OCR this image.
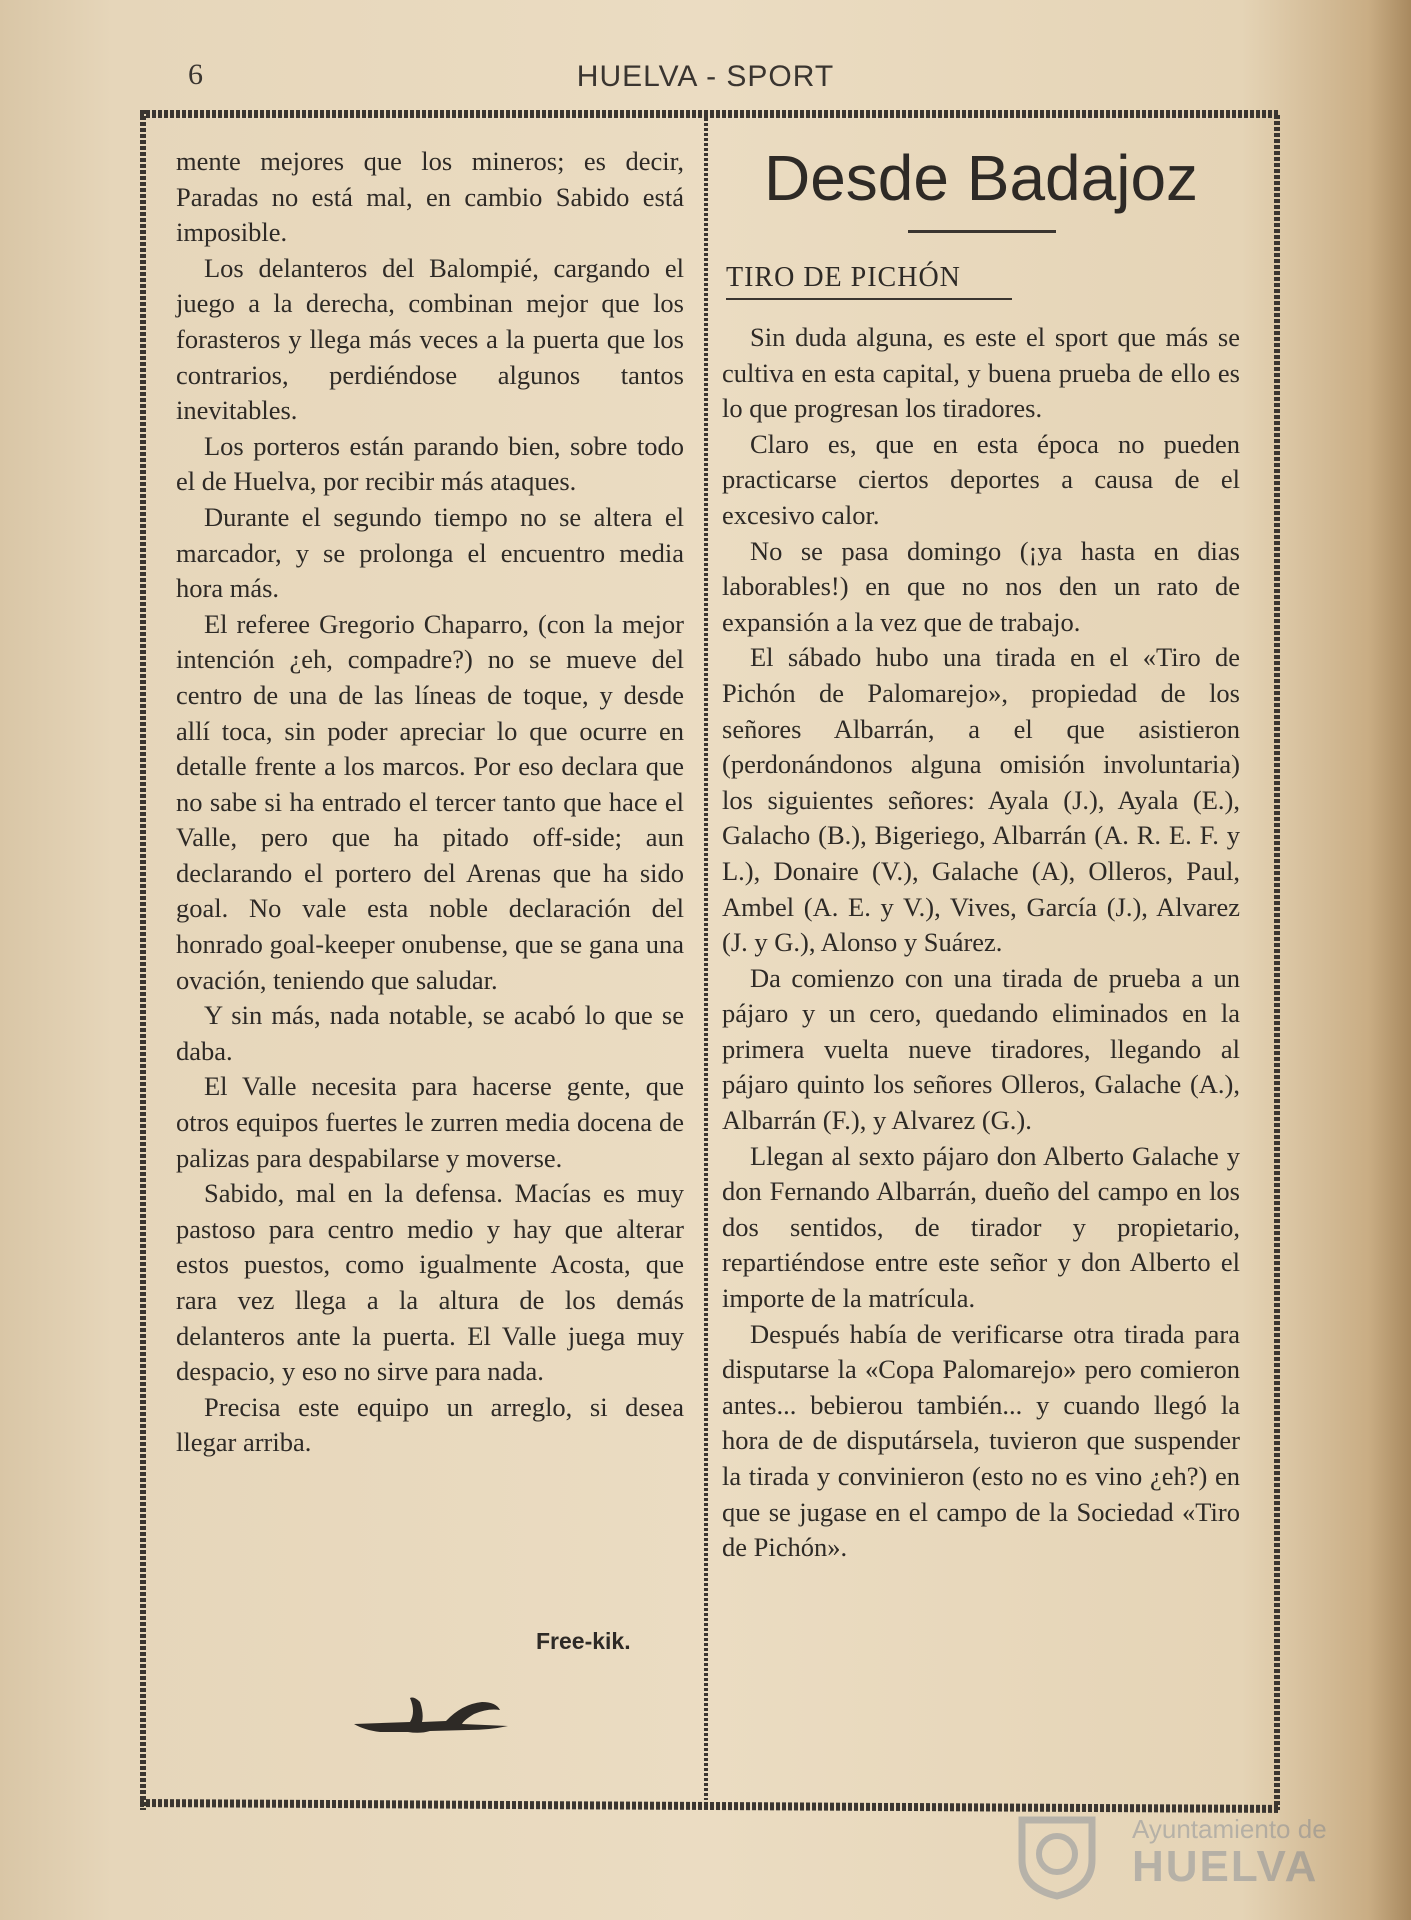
6	HUELVA - SPORT

mente mejores que los mineros; es decir, Paradas no está mal, en cambio Sabido está imposible.

Los delanteros del Balompié, cargando el juego a la derecha, combinan mejor que los forasteros y llega más veces a la puerta que los contrarios, perdiéndose algunos tantos inevitables.

Los porteros están parando bien, sobre todo el de Huelva, por recibir más ataques.

Durante el segundo tiempo no se altera el marcador, y se prolonga el encuentro media hora más.

El referee Gregorio Chaparro, (con la mejor intención ¿eh, compadre?) no se mueve del centro de una de las líneas de toque, y desde allí toca, sin poder apreciar lo que ocurre en detalle frente a los marcos. Por eso declara que no sabe si ha entrado el tercer tanto que hace el Valle, pero que ha pitado off-side; aun declarando el portero del Arenas que ha sido goal. No vale esta noble declaración del honrado goal-keeper onubense, que se gana una ovación, teniendo que saludar.

Y sin más, nada notable, se acabó lo que se daba.

El Valle necesita para hacerse gente, que otros equipos fuertes le zurren media docena de palizas para despabilarse y moverse.

Sabido, mal en la defensa. Macías es muy pastoso para centro medio y hay que alterar estos puestos, como igualmente Acosta, que rara vez llega a la altura de los demás delanteros ante la puerta. El Valle juega muy despacio, y eso no sirve para nada.

Precisa este equipo un arreglo, si desea llegar arriba.

Free-kik.
Desde Badajoz
TIRO DE PICHÓN

Sin duda alguna, es este el sport que más se cultiva en esta capital, y buena prueba de ello es lo que progresan los tiradores.

Claro es, que en esta época no pueden practicarse ciertos deportes a causa de el excesivo calor.

No se pasa domingo (¡ya hasta en dias laborables!) en que no nos den un rato de expansión a la vez que de trabajo.

El sábado hubo una tirada en el «Tiro de Pichón de Palomarejo», propiedad de los señores Albarrán, a el que asistieron (perdonándonos alguna omisión involuntaria) los siguientes señores: Ayala (J.), Ayala (E.), Galacho (B.), Bigeriego, Albarrán (A. R. E. F. y L.), Donaire (V.), Galache (A), Olleros, Paul, Ambel (A. E. y V.), Vives, García (J.), Alvarez (J. y G.), Alonso y Suárez.

Da comienzo con una tirada de prueba a un pájaro y un cero, quedando eliminados en la primera vuelta nueve tiradores, llegando al pájaro quinto los señores Olleros, Galache (A.), Albarrán (F.), y Alvarez (G.).

Llegan al sexto pájaro don Alberto Galache y don Fernando Albarrán, dueño del campo en los dos sentidos, de tirador y propietario, repartiéndose entre este señor y don Alberto el importe de la matrícula.

Después había de verificarse otra tirada para disputarse la «Copa Palomarejo» pero comieron antes... bebierou también... y cuando llegó la hora de de disputársela, tuvieron que suspender la tirada y convinieron (esto no es vino ¿eh?) en que se jugase en el campo de la Sociedad «Tiro de Pichón».

Ayuntamiento de
HUELVA
